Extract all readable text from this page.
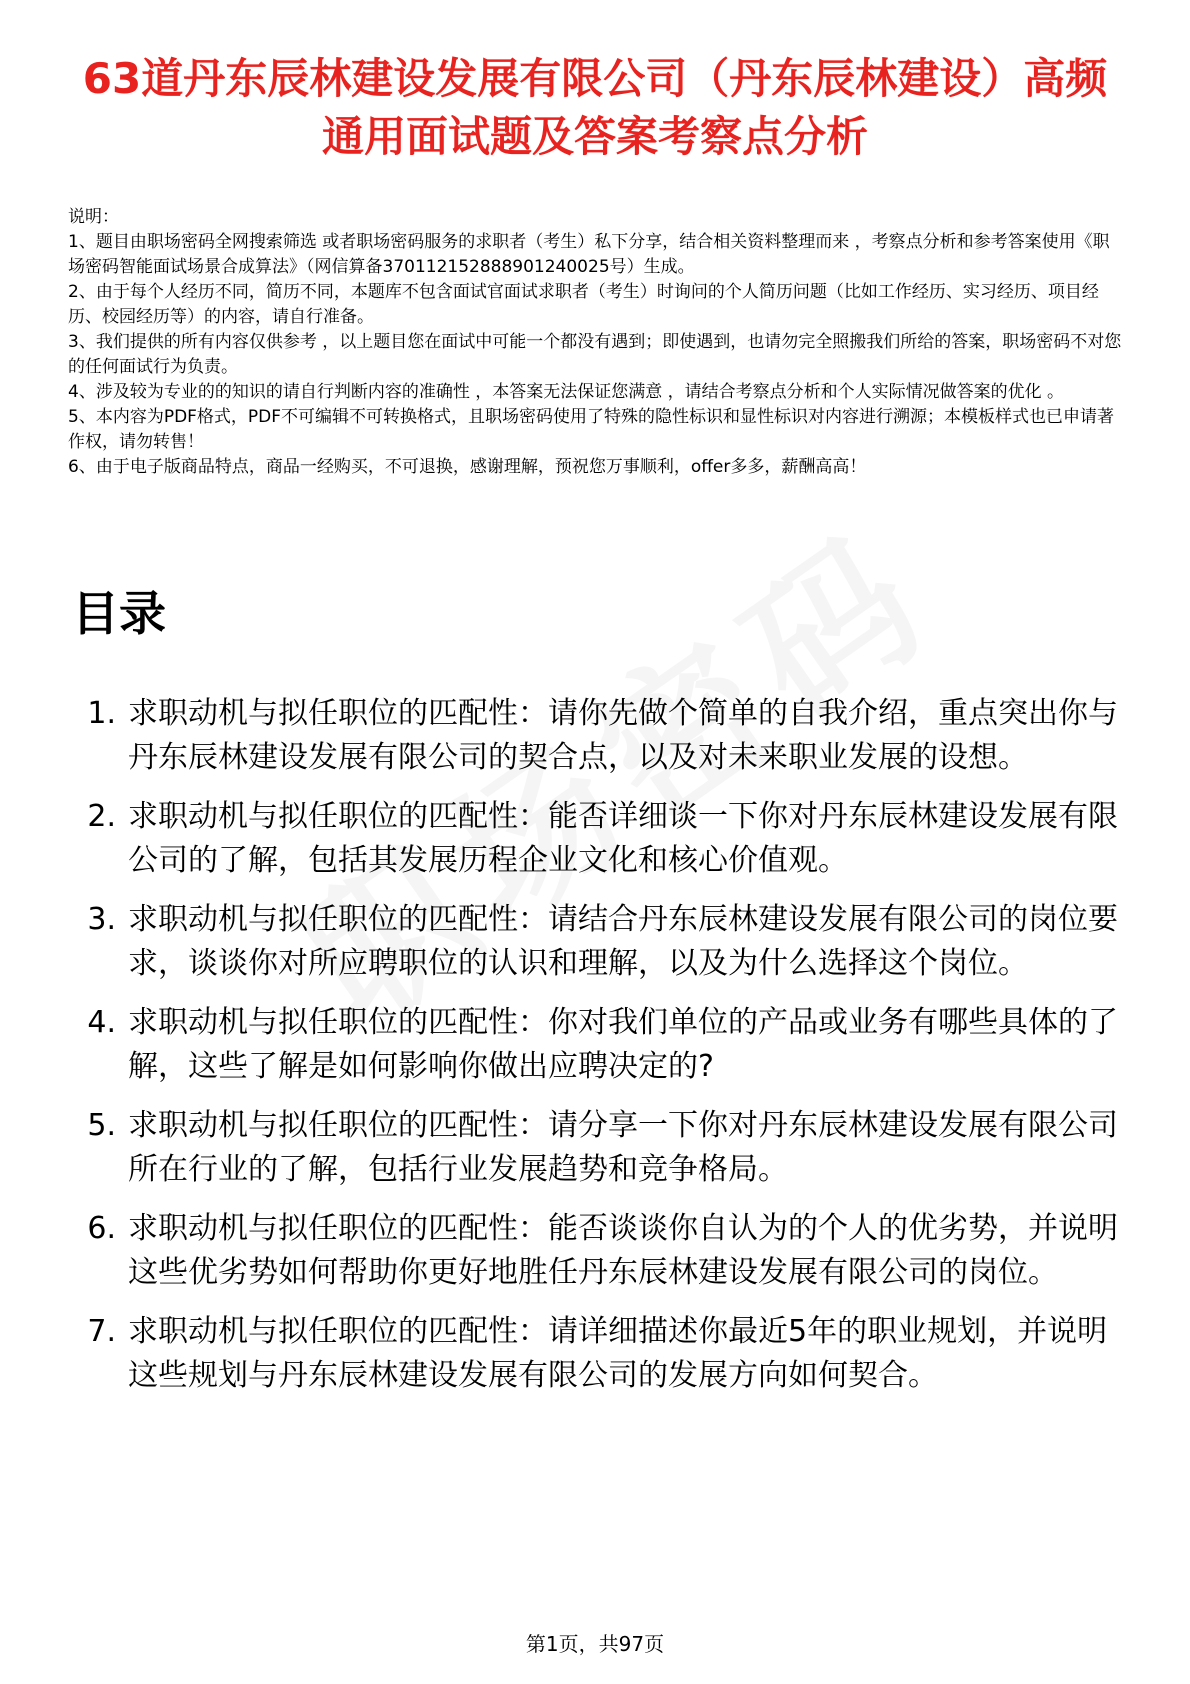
63道丹东辰林建设发展有限公司（丹东辰林建设）高频通用面试题及答案考察点分析

说明：

1、题目由职场密码全网搜索筛选 或者职场密码服务的求职者（考生）私下分享，结合相关资料整理而来 ，考察点分析和参考答案使用《职场密码智能面试场景合成算法》（网信算备370112152888901240025号）生成。

2、由于每个人经历不同，简历不同，本题库不包含面试官面试求职者（考生）时询问的个人简历问题（比如工作经历、实习经历、项目经历、校园经历等）的内容，请自行准备。

3、我们提供的所有内容仅供参考 ，以上题目您在面试中可能一个都没有遇到；即使遇到，也请勿完全照搬我们所给的答案，职场密码不对您的任何面试行为负责。

4、涉及较为专业的的知识的请自行判断内容的准确性 ，本答案无法保证您满意 ，请结合考察点分析和个人实际情况做答案的优化 。

5、本内容为PDF格式，PDF不可编辑不可转换格式，且职场密码使用了特殊的隐性标识和显性标识对内容进行溯源；本模板样式也已申请著作权，请勿转售！

6、由于电子版商品特点，商品一经购买，不可退换，感谢理解，预祝您万事顺利，offer多多，薪酬高高！

目录
1. 求职动机与拟任职位的匹配性：请你先做个简单的自我介绍，重点突出你与丹东辰林建设发展有限公司的契合点，以及对未来职业发展的设想。
2. 求职动机与拟任职位的匹配性：能否详细谈一下你对丹东辰林建设发展有限公司的了解，包括其发展历程企业文化和核心价值观。
3. 求职动机与拟任职位的匹配性：请结合丹东辰林建设发展有限公司的岗位要求，谈谈你对所应聘职位的认识和理解，以及为什么选择这个岗位。
4. 求职动机与拟任职位的匹配性：你对我们单位的产品或业务有哪些具体的了解，这些了解是如何影响你做出应聘决定的?
5. 求职动机与拟任职位的匹配性：请分享一下你对丹东辰林建设发展有限公司所在行业的了解，包括行业发展趋势和竞争格局。
6. 求职动机与拟任职位的匹配性：能否谈谈你自认为的个人的优劣势，并说明这些优劣势如何帮助你更好地胜任丹东辰林建设发展有限公司的岗位。
7. 求职动机与拟任职位的匹配性：请详细描述你最近5年的职业规划，并说明这些规划与丹东辰林建设发展有限公司的发展方向如何契合。
第1页，共97页
